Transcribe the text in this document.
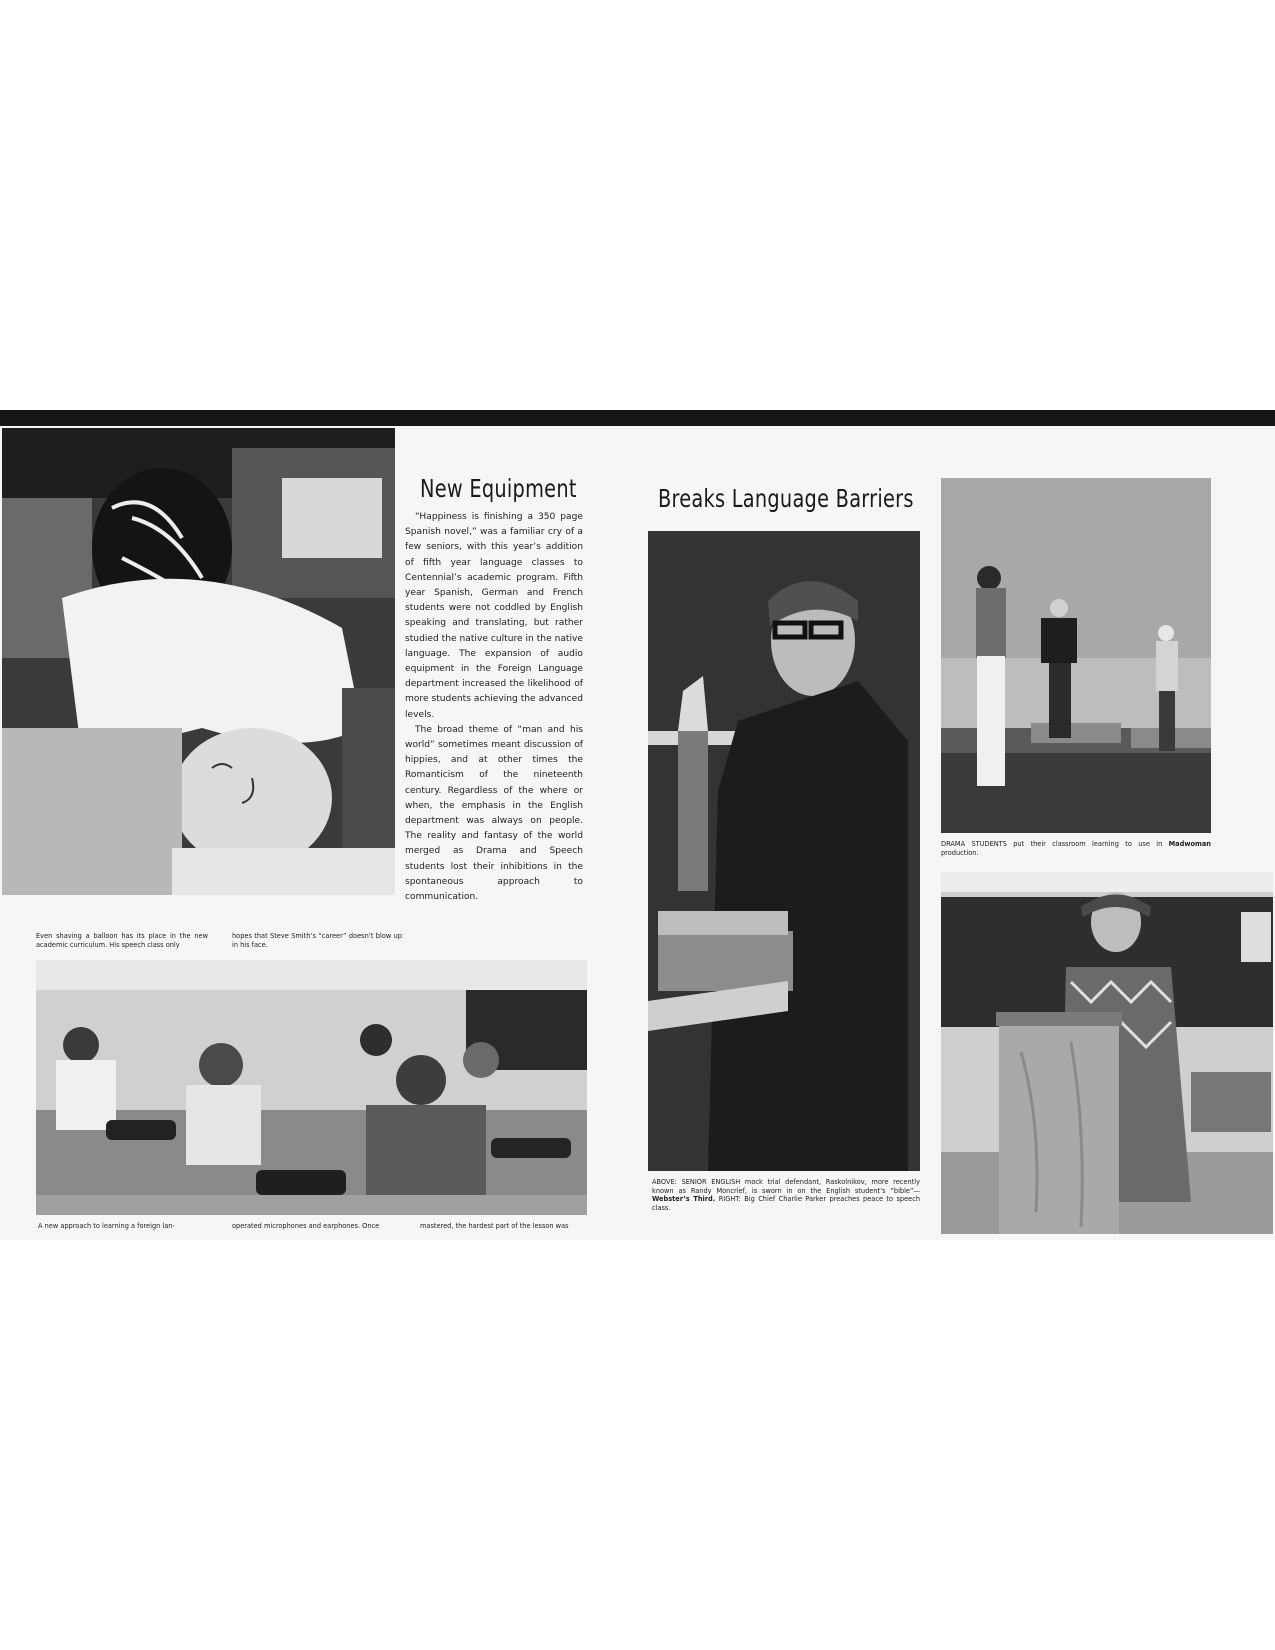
New Equipment

“Happiness is finishing a 350 page Spanish novel,” was a familiar cry of a few seniors, with this year’s addition of fifth year language classes to Centennial’s academic program. Fifth year Spanish, German and French students were not coddled by English speaking and translating, but rather studied the native culture in the native language. The expansion of audio equipment in the Foreign Language department increased the likelihood of more students achieving the advanced levels.

The broad theme of “man and his world” sometimes meant discussion of hippies, and at other times the Romanticism of the nineteenth century. Regardless of the where or when, the emphasis in the English department was always on people. The reality and fantasy of the world merged as Drama and Speech students lost their inhibitions in the spontaneous approach to communication.

Even shaving a balloon has its place in the new academic curriculum. His speech class only
hopes that Steve Smith’s “career” doesn’t blow up in his face.
A new approach to learning a foreign lan-	operated microphones and earphones. Once	mastered, the hardest part of the lesson was
Breaks Language Barriers
ABOVE: SENIOR ENGLISH mock trial defendant, Raskolnikov, more recently known as Randy Moncrief, is sworn in on the English student’s “bible”—Webster’s Third. RIGHT: Big Chief Charlie Parker preaches peace to speech class.
DRAMA STUDENTS put their classroom learning to use in Madwoman production.
